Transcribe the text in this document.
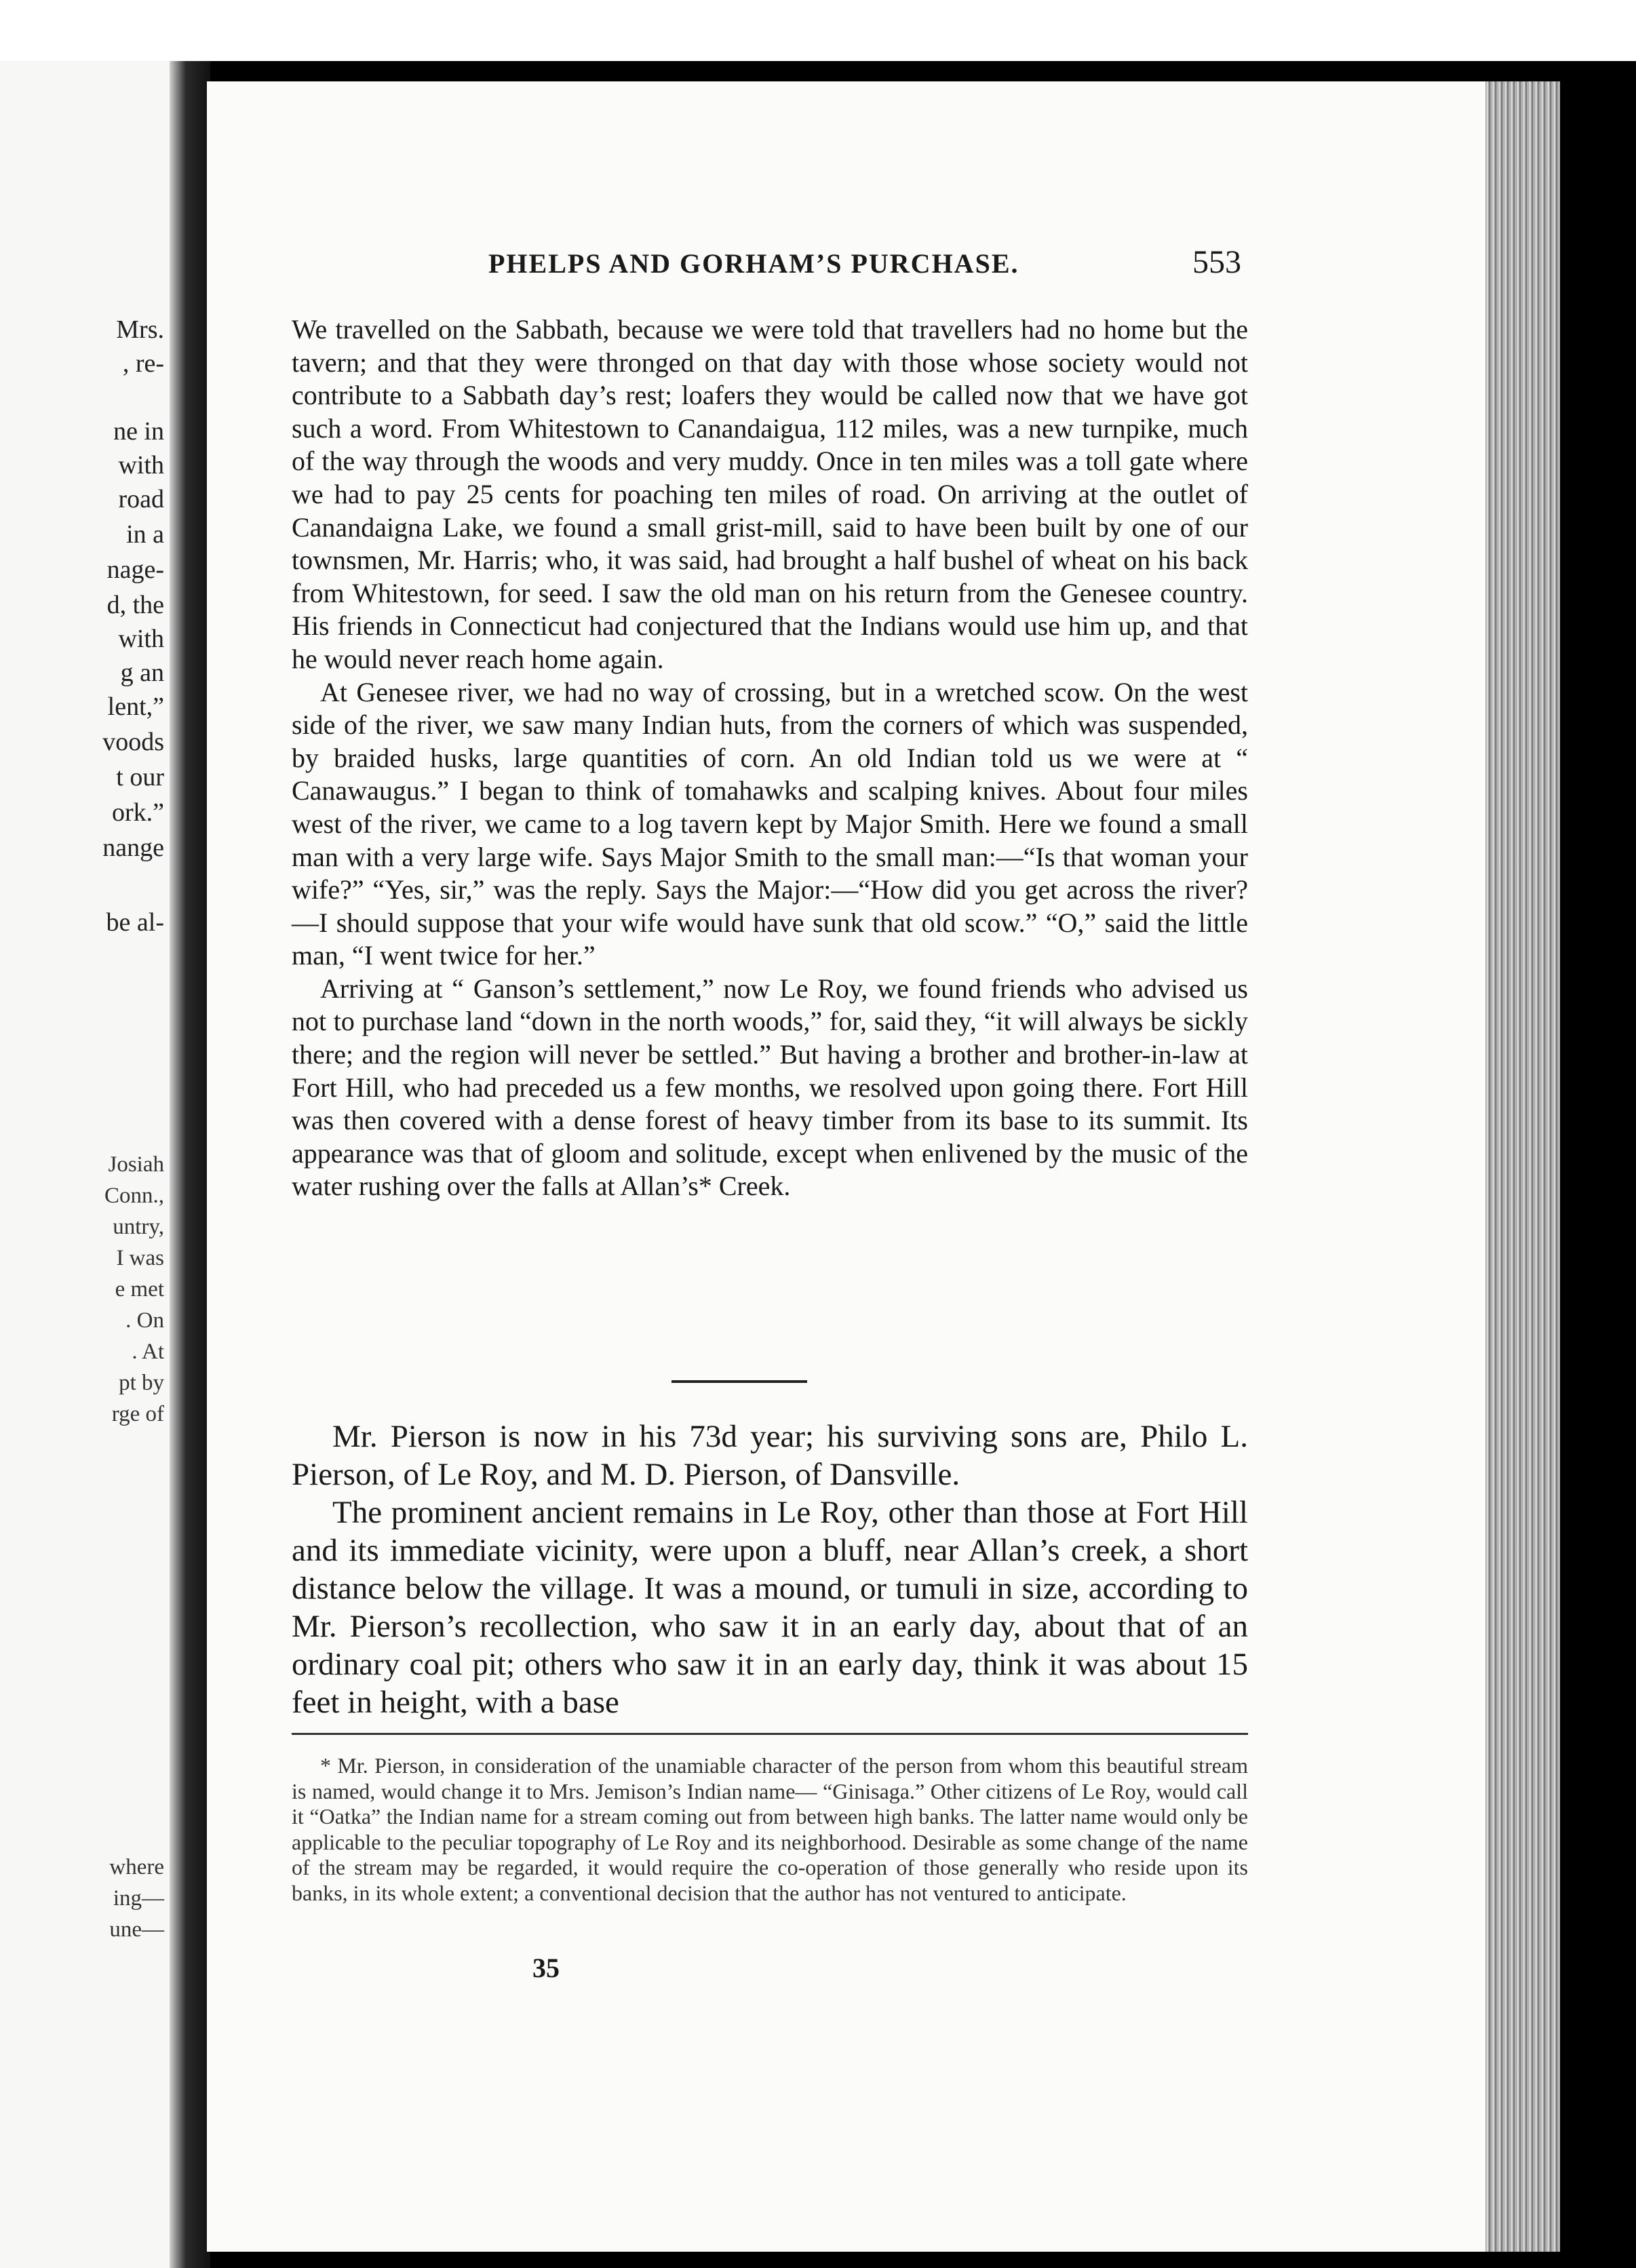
Mrs.
, re-
ne in
with
road
in a
nage-
d, the
with
g an
lent,”
voods
t our
ork.”
nange
be al-
Josiah
Conn.,
untry,
I was
e met
. On
. At
pt by
rge of
where
ing—
une—
PHELPS AND GORHAM’S PURCHASE.	553

We travelled on the Sabbath, because we were told that travellers had no home but the tavern; and that they were thronged on that day with those whose society would not contribute to a Sabbath day’s rest; loafers they would be called now that we have got such a word. From Whitestown to Canandaigua, 112 miles, was a new turnpike, much of the way through the woods and very muddy. Once in ten miles was a toll gate where we had to pay 25 cents for poaching ten miles of road. On arriving at the outlet of Canandaigna Lake, we found a small grist-mill, said to have been built by one of our townsmen, Mr. Harris; who, it was said, had brought a half bushel of wheat on his back from Whitestown, for seed. I saw the old man on his return from the Genesee country. His friends in Connecticut had conjectured that the Indians would use him up, and that he would never reach home again.

At Genesee river, we had no way of crossing, but in a wretched scow. On the west side of the river, we saw many Indian huts, from the corners of which was suspended, by braided husks, large quantities of corn. An old Indian told us we were at “ Canawaugus.” I began to think of tomahawks and scalping knives. About four miles west of the river, we came to a log tavern kept by Major Smith. Here we found a small man with a very large wife. Says Major Smith to the small man:—“Is that woman your wife?” “Yes, sir,” was the reply. Says the Major:—“How did you get across the river?—I should suppose that your wife would have sunk that old scow.” “O,” said the little man, “I went twice for her.”

Arriving at “ Ganson’s settlement,” now Le Roy, we found friends who advised us not to purchase land “down in the north woods,” for, said they, “it will always be sickly there; and the region will never be settled.” But having a brother and brother-in-law at Fort Hill, who had preceded us a few months, we resolved upon going there. Fort Hill was then covered with a dense forest of heavy timber from its base to its summit. Its appearance was that of gloom and solitude, except when enlivened by the music of the water rushing over the falls at Allan’s* Creek.

Mr. Pierson is now in his 73d year; his surviving sons are, Philo L. Pierson, of Le Roy, and M. D. Pierson, of Dansville.

The prominent ancient remains in Le Roy, other than those at Fort Hill and its immediate vicinity, were upon a bluff, near Allan’s creek, a short distance below the village. It was a mound, or tumuli in size, according to Mr. Pierson’s recollection, who saw it in an early day, about that of an ordinary coal pit; others who saw it in an early day, think it was about 15 feet in height, with a base

* Mr. Pierson, in consideration of the unamiable character of the person from whom this beautiful stream is named, would change it to Mrs. Jemison’s Indian name— “Ginisaga.” Other citizens of Le Roy, would call it “Oatka” the Indian name for a stream coming out from between high banks. The latter name would only be applicable to the peculiar topography of Le Roy and its neighborhood. Desirable as some change of the name of the stream may be regarded, it would require the co-operation of those generally who reside upon its banks, in its whole extent; a conventional decision that the author has not ventured to anticipate.

35
